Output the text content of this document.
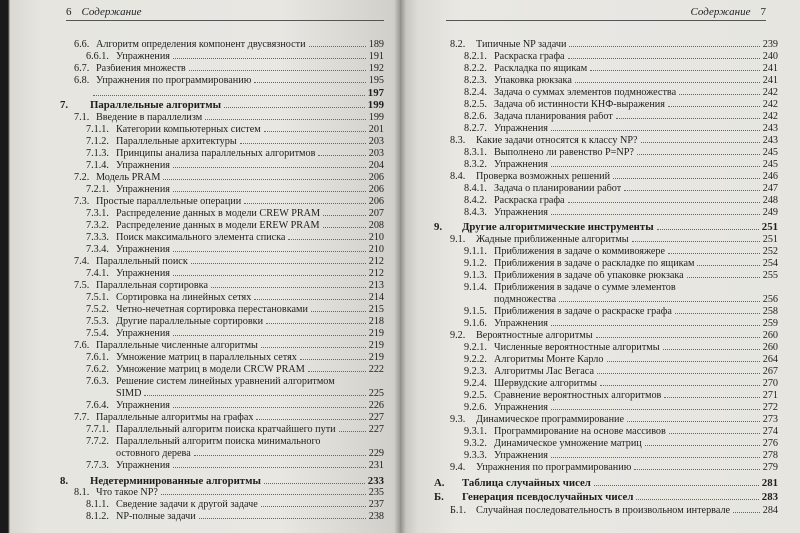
6 Содержание
6.6. Алгоритм определения компонент двусвязности	189
6.6.1. Упражнения	191
6.7. Разбиения множеств	192
6.8. Упражнения по программированию	195
197
7.	Параллельные алгоритмы	199
7.1. Введение в параллелизм	199
7.1.1. Категории компьютерных систем	201
7.1.2. Параллельные архитектуры	203
7.1.3. Принципы анализа параллельных алгоритмов	203
7.1.4. Упражнения	204
7.2. Модель PRAM	206
7.2.1. Упражнения	206
7.3. Простые параллельные операции	206
7.3.1. Распределение данных в модели CREW PRAM	207
7.3.2. Распределение данных в модели EREW PRAM	208
7.3.3. Поиск максимального элемента списка	210
7.3.4. Упражнения	210
7.4. Параллельный поиск	212
7.4.1. Упражнения	212
7.5. Параллельная сортировка	213
7.5.1. Сортировка на линейных сетях	214
7.5.2. Четно-нечетная сортировка перестановками	215
7.5.3. Другие параллельные сортировки	218
7.5.4. Упражнения	219
7.6. Параллельные численные алгоритмы	219
7.6.1. Умножение матриц в параллельных сетях	219
7.6.2. Умножение матриц в модели CRCW PRAM	222
7.6.3. Решение систем линейных уравнений алгоритмом
SIMD	225
7.6.4. Упражнения	226
7.7. Параллельные алгоритмы на графах	227
7.7.1. Параллельный алгоритм поиска кратчайшего пути	227
7.7.2. Параллельный алгоритм поиска минимального
остовного дерева	229
7.7.3. Упражнения	231
8.	Недетерминированные алгоритмы	233
8.1. Что такое NP?	235
8.1.1. Сведение задачи к другой задаче	237
8.1.2. NP-полные задачи	238
Содержание 7
8.2.	Типичные NP задачи	239
8.2.1. Раскраска графа	240
8.2.2. Раскладка по ящикам	241
8.2.3. Упаковка рюкзака	241
8.2.4. Задача о суммах элементов подмножества	242
8.2.5. Задача об истинности КНФ-выражения	242
8.2.6. Задача планирования работ	242
8.2.7. Упражнения	243
8.3.	Какие задачи относятся к классу NP?	243
8.3.1. Выполнено ли равенство P=NP?	245
8.3.2. Упражнения	245
8.4.	Проверка возможных решений	246
8.4.1. Задача о планировании работ	247
8.4.2. Раскраска графа	248
8.4.3. Упражнения	249
9.	Другие алгоритмические инструменты	251
9.1.	Жадные приближенные алгоритмы	251
9.1.1. Приближения в задаче о коммивояжере	252
9.1.2. Приближения в задаче о раскладке по ящикам	254
9.1.3. Приближения в задаче об упаковке рюкзака	255
9.1.4. Приближения в задаче о сумме элементов
подмножества	256
9.1.5. Приближения в задаче о раскраске графа	258
9.1.6. Упражнения	259
9.2.	Вероятностные алгоритмы	260
9.2.1. Численные вероятностные алгоритмы	260
9.2.2. Алгоритмы Монте Карло	264
9.2.3. Алгоритмы Лас Вегаса	267
9.2.4. Шервудские алгоритмы	270
9.2.5. Сравнение вероятностных алгоритмов	271
9.2.6. Упражнения	272
9.3.	Динамическое программирование	273
9.3.1. Программирование на основе массивов	274
9.3.2. Динамическое умножение матриц	276
9.3.3. Упражнения	278
9.4.	Упражнения по программированию	279
А.	Таблица случайных чисел	281
Б.	Генерация псевдослучайных чисел	283
Б.1. Случайная последовательность в произвольном интервале	284
